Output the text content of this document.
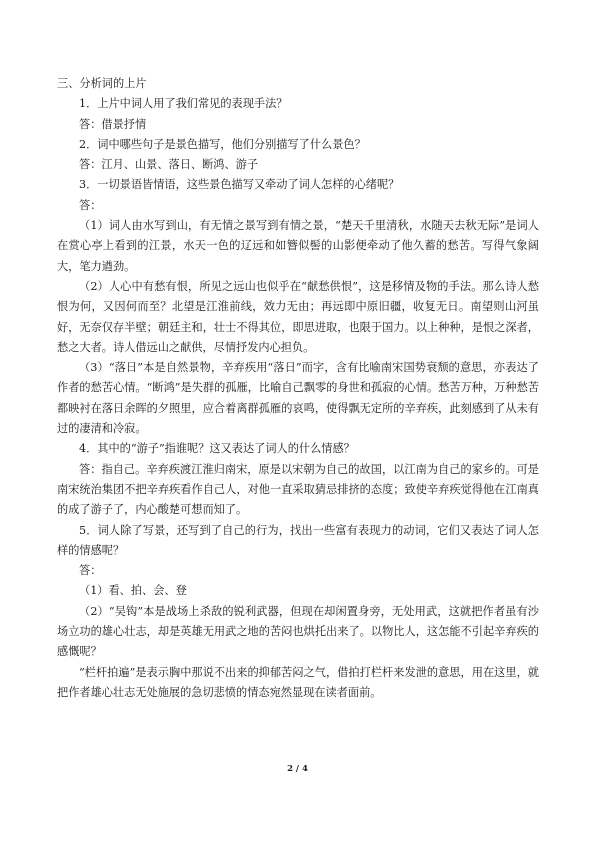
三、分析词的上片

1．上片中词人用了我们常见的表现手法？

答：借景抒情

2．词中哪些句子是景色描写，他们分别描写了什么景色？

答：江月、山景、落日、断鸿、游子

3．一切景语皆情语，这些景色描写又牵动了词人怎样的心绪呢？

答：

（1）词人由水写到山，有无情之景写到有情之景，“楚天千里清秋，水随天去秋无际”是词人在赏心亭上看到的江景，水天一色的辽远和如簪似髻的山影便牵动了他久蓄的愁苦。写得气象阔大，笔力遒劲。

（2）人心中有愁有恨，所见之远山也似乎在“献愁供恨”，这是移情及物的手法。那么诗人愁恨为何，又因何而至？北望是江淮前线，效力无由；再远即中原旧疆，收复无日。南望则山河虽好，无奈仅存半壁；朝廷主和，壮士不得其位，即思进取，也限于国力。以上种种，是恨之深者，愁之大者。诗人借远山之献供，尽情抒发内心担负。

（3）“落日”本是自然景物，辛弃疾用“落日”而字，含有比喻南宋国势衰颓的意思，亦表达了作者的愁苦心情。“断鸿”是失群的孤雁，比喻自己飘零的身世和孤寂的心情。愁苦万种，万种愁苦都映衬在落日余晖的夕照里，应合着离群孤雁的哀鸣，使得飘无定所的辛弃疾，此刻感到了从未有过的凄清和冷寂。

4．其中的“游子”指谁呢？这又表达了词人的什么情感？

答：指自己。辛弃疾渡江淮归南宋，原是以宋朝为自己的故国，以江南为自己的家乡的。可是南宋统治集团不把辛弃疾看作自己人，对他一直采取猜忌排挤的态度；致使辛弃疾觉得他在江南真的成了游子了，内心酸楚可想而知了。

5．词人除了写景，还写到了自己的行为，找出一些富有表现力的动词，它们又表达了词人怎样的情感呢？

答：

（1）看、拍、会、登

（2）“吴钩”本是战场上杀敌的锐利武器，但现在却闲置身旁，无处用武，这就把作者虽有沙场立功的雄心壮志，却是英雄无用武之地的苦闷也烘托出来了。以物比人，这怎能不引起辛弃疾的感慨呢？

“栏杆拍遍”是表示胸中那说不出来的抑郁苦闷之气，借拍打栏杆来发泄的意思，用在这里，就把作者雄心壮志无处施展的急切悲愤的情态宛然显现在读者面前。

2 / 4
